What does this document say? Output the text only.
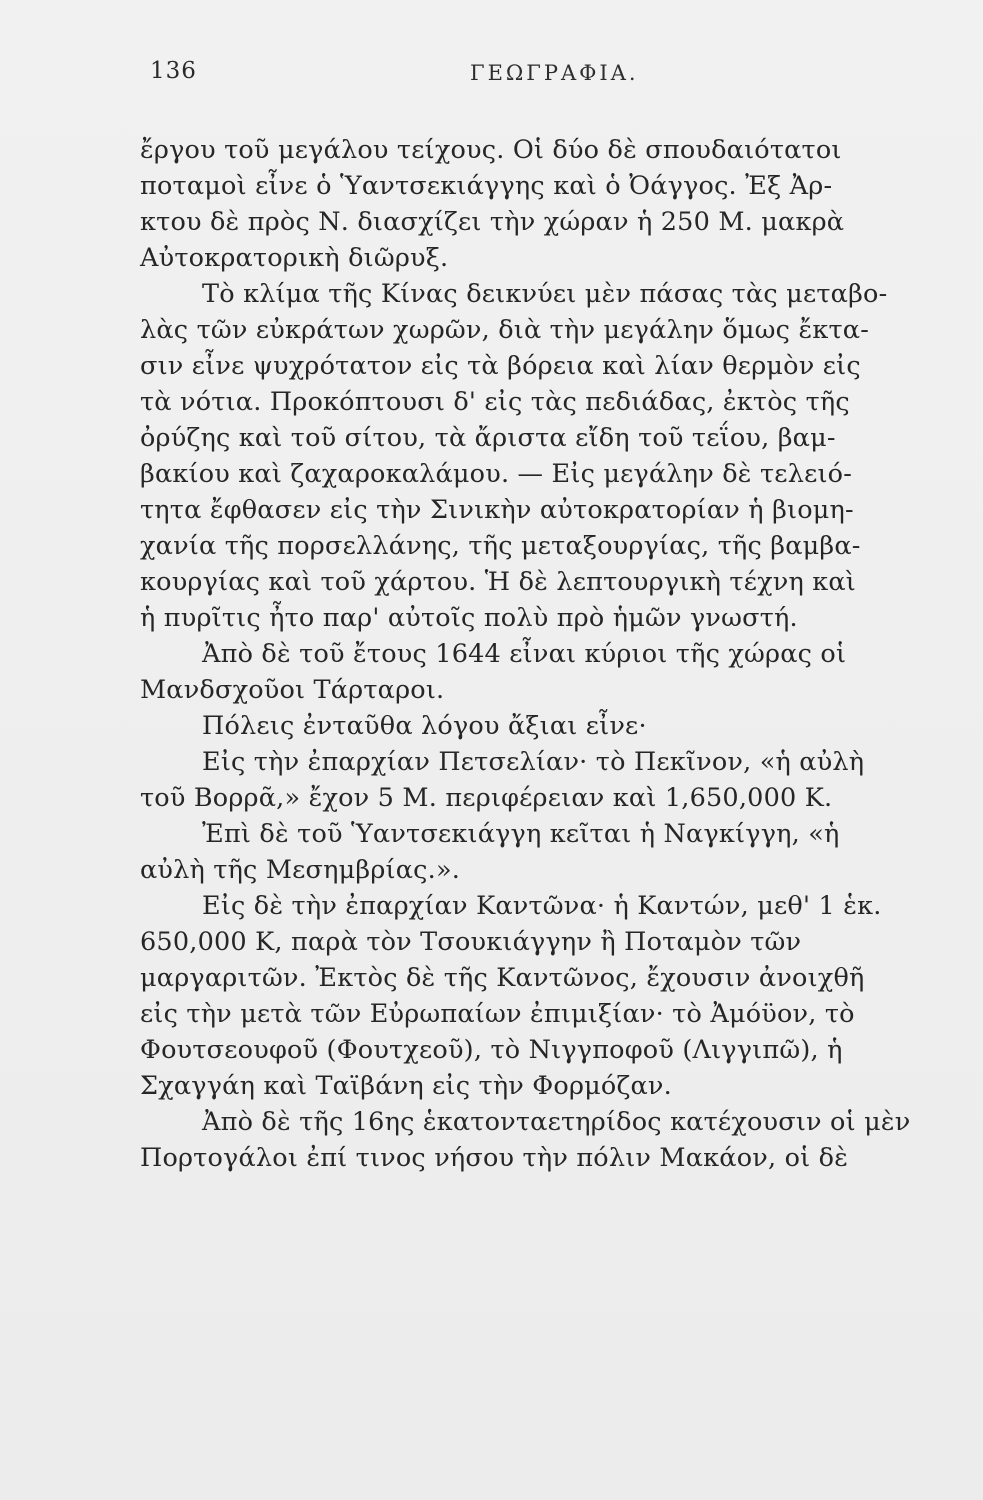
136	ΓΕΩΓΡΑΦΙΑ.
ἔργου τοῦ μεγάλου τείχους. Οἱ δύο δὲ σπουδαιότατοι
ποταμοὶ εἶνε ὁ Ὑαντσεκιάγγης καὶ ὁ Ὀάγγος. Ἐξ Ἀρ-
κτου δὲ πρὸς Ν. διασχίζει τὴν χώραν ἡ 250 Μ. μακρὰ
Αὐτοκρατορικὴ διῶρυξ.
Τὸ κλίμα τῆς Κίνας δεικνύει μὲν πάσας τὰς μεταβο-
λὰς τῶν εὐκράτων χωρῶν, διὰ τὴν μεγάλην ὅμως ἔκτα-
σιν εἶνε ψυχρότατον εἰς τὰ βόρεια καὶ λίαν θερμὸν εἰς
τὰ νότια. Προκόπτουσι δ' εἰς τὰς πεδιάδας, ἐκτὸς τῆς
ὀρύζης καὶ τοῦ σίτου, τὰ ἄριστα εἴδη τοῦ τεΐου, βαμ-
βακίου καὶ ζαχαροκαλάμου. — Εἰς μεγάλην δὲ τελειό-
τητα ἔφθασεν εἰς τὴν Σινικὴν αὐτοκρατορίαν ἡ βιομη-
χανία τῆς πορσελλάνης, τῆς μεταξουργίας, τῆς βαμβα-
κουργίας καὶ τοῦ χάρτου. Ἡ δὲ λεπτουργικὴ τέχνη καὶ
ἡ πυρῖτις ἦτο παρ' αὐτοῖς πολὺ πρὸ ἡμῶν γνωστή.
Ἀπὸ δὲ τοῦ ἔτους 1644 εἶναι κύριοι τῆς χώρας οἱ
Μανδσχοῦοι Τάρταροι.
Πόλεις ἐνταῦθα λόγου ἄξιαι εἶνε·
Εἰς τὴν ἐπαρχίαν Πετσελίαν· τὸ Πεκῖνον, «ἡ αὐλὴ
τοῦ Βορρᾶ,» ἔχον 5 Μ. περιφέρειαν καὶ 1,650,000 Κ.
Ἐπὶ δὲ τοῦ Ὑαντσεκιάγγη κεῖται ἡ Ναγκίγγη, «ἡ
αὐλὴ τῆς Μεσημβρίας.».
Εἰς δὲ τὴν ἐπαρχίαν Καντῶνα· ἡ Καντών, μεθ' 1 ἑκ.
650,000 Κ, παρὰ τὸν Τσουκιάγγην ἢ Ποταμὸν τῶν
μαργαριτῶν. Ἐκτὸς δὲ τῆς Καντῶνος, ἔχουσιν ἀνοιχθῆ
εἰς τὴν μετὰ τῶν Εὐρωπαίων ἐπιμιξίαν· τὸ Ἀμόϋον, τὸ
Φουτσεουφοῦ (Φουτχεοῦ), τὸ Νιγγποφοῦ (Λιγγιπῶ), ἡ
Σχαγγάη καὶ Ταϊβάνη εἰς τὴν Φορμόζαν.
Ἀπὸ δὲ τῆς 16ης ἑκατονταετηρίδος κατέχουσιν οἱ μὲν
Πορτογάλοι ἐπί τινος νήσου τὴν πόλιν Μακάον, οἱ δὲ
